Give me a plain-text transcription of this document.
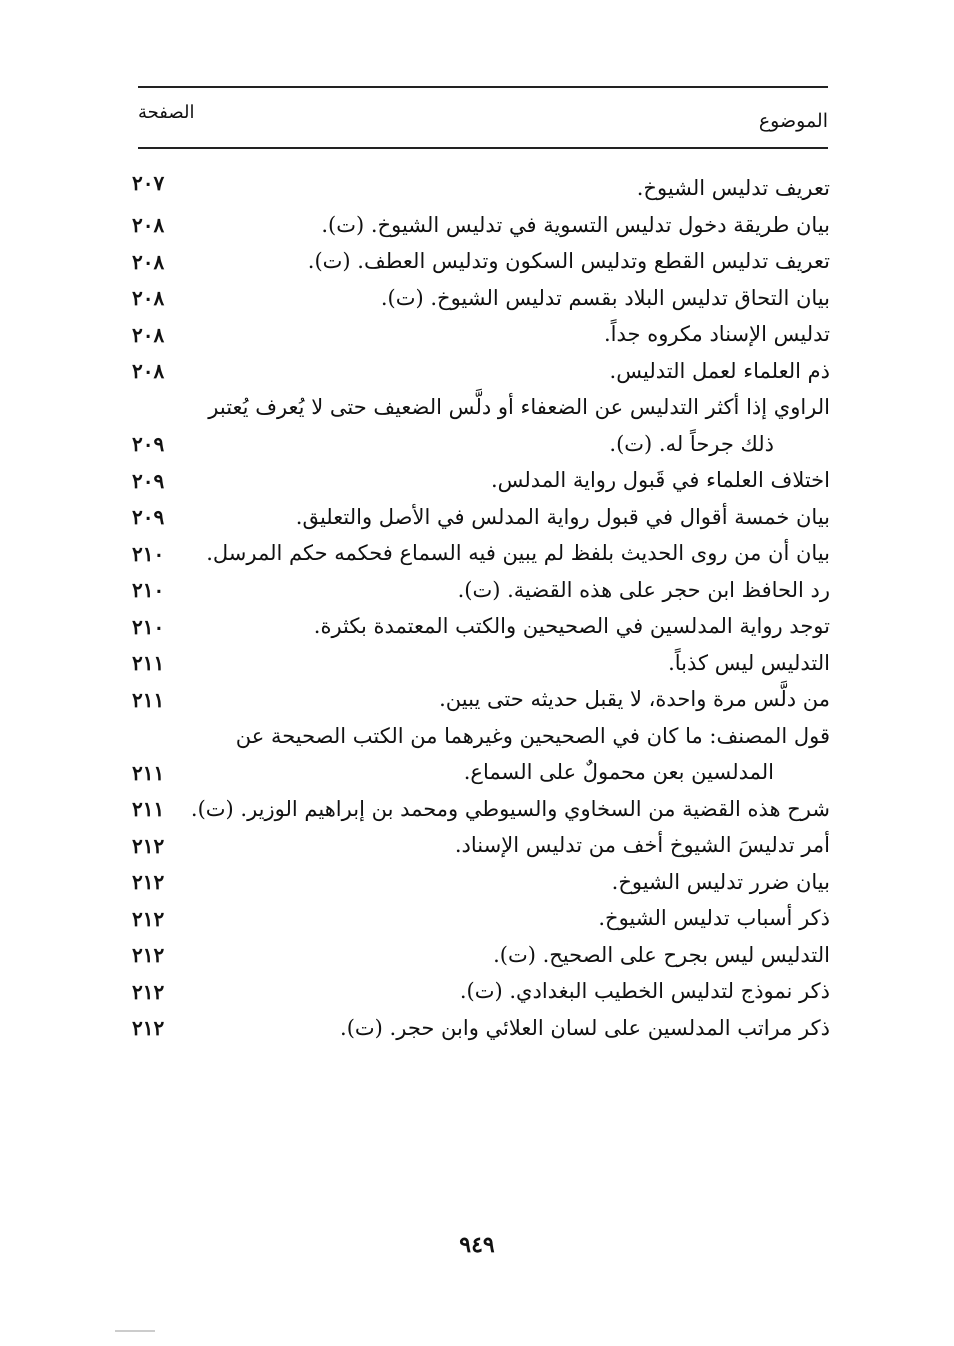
الموضوع
الصفحة
تعريف تدليس الشيوخ.
٢٠٧
بيان طريقة دخول تدليس التسوية في تدليس الشيوخ. (ت).
٢٠٨
تعريف تدليس القطع وتدليس السكون وتدليس العطف. (ت).
٢٠٨
بيان التحاق تدليس البلاد بقسم تدليس الشيوخ. (ت).
٢٠٨
تدليس الإسناد مكروه جداً.
٢٠٨
ذم العلماء لعمل التدليس.
٢٠٨
الراوي إذا أكثر التدليس عن الضعفاء أو دلَّس الضعيف حتى لا يُعرف يُعتبر
ذلك جرحاً له. (ت).
٢٠٩
اختلاف العلماء في قَبول رواية المدلس.
٢٠٩
بيان خمسة أقوال في قبول رواية المدلس في الأصل والتعليق.
٢٠٩
بيان أن من روى الحديث بلفظ لم يبين فيه السماع فحكمه حكم المرسل.
٢١٠
رد الحافظ ابن حجر على هذه القضية. (ت).
٢١٠
توجد رواية المدلسين في الصحيحين والكتب المعتمدة بكثرة.
٢١٠
التدليس ليس كذباً.
٢١١
من دلَّس مرة واحدة، لا يقبل حديثه حتى يبين.
٢١١
قول المصنف: ما كان في الصحيحين وغيرهما من الكتب الصحيحة عن
المدلسين بعن محمولٌ على السماع.
٢١١
شرح هذه القضية من السخاوي والسيوطي ومحمد بن إبراهيم الوزير. (ت).
٢١١
أمر تدليسَ الشيوخ أخف من تدليس الإسناد.
٢١٢
بيان ضرر تدليس الشيوخ.
٢١٢
ذكر أسباب تدليس الشيوخ.
٢١٢
التدليس ليس بجرح على الصحيح. (ت).
٢١٢
ذكر نموذج لتدليس الخطيب البغدادي. (ت).
٢١٢
ذكر مراتب المدلسين على لسان العلائي وابن حجر. (ت).
٢١٢
٩٤٩
